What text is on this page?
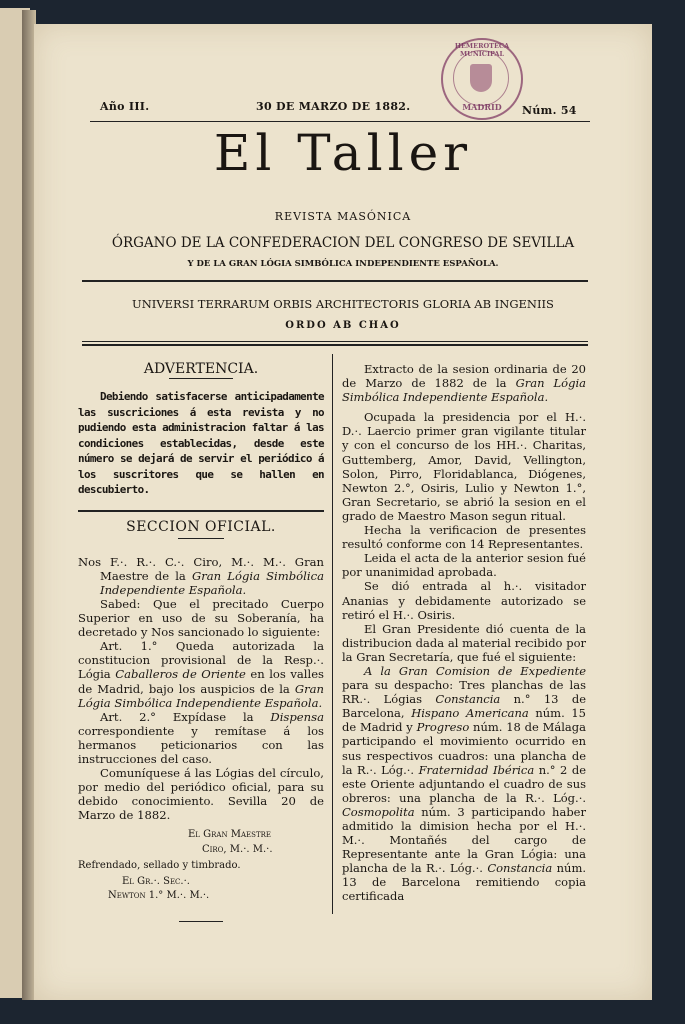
Año III.	30 DE MARZO DE 1882.	Núm. 54
HEMEROTECA MUNICIPAL
MADRID
El Taller
REVISTA MASÓNICA
ÓRGANO DE LA CONFEDERACION DEL CONGRESO DE SEVILLA
Y DE LA GRAN LÓGIA SIMBÓLICA INDEPENDIENTE ESPAÑOLA.
UNIVERSI TERRARUM ORBIS ARCHITECTORIS GLORIA AB INGENIIS
ORDO AB CHAO
ADVERTENCIA.

Debiendo satisfacerse anticipadamente las suscriciones á esta revista y no pudiendo esta administracion faltar á las condiciones establecidas, desde este número se dejará de servir el periódico á los suscritores que se hallen en descubierto.

SECCION OFICIAL.

Nos F.·. R.·. C.·. Ciro, M.·. M.·. Gran Maestre de la Gran Lógia Simbólica Independiente Española.

Sabed: Que el precitado Cuerpo Superior en uso de su Soberanía, ha decretado y Nos sancionado lo siguiente:

Art. 1.° Queda autorizada la constitucion provisional de la Resp.·. Lógia Caballeros de Oriente en los valles de Madrid, bajo los auspicios de la Gran Lógia Simbólica Independiente Española.

Art. 2.° Expídase la Dispensa correspondiente y remítase á los hermanos peticionarios con las instrucciones del caso.

Comuníquese á las Lógias del círculo, por medio del periódico oficial, para su debido conocimiento. Sevilla 20 de Marzo de 1882.

El Gran Maestre
Ciro, M.·. M.·.
Refrendado, sellado y timbrado.
El Gr.·. Sec.·.
Newton 1.° M.·. M.·.

Extracto de la sesion ordinaria de 20 de Marzo de 1882 de la Gran Lógia Simbólica Independiente Española.

Ocupada la presidencia por el H.·. D.·. Laercio primer gran vigilante titular y con el concurso de los HH.·. Charitas, Guttemberg, Amor, David, Vellington, Solon, Pirro, Floridablanca, Diógenes, Newton 2.°, Osiris, Lulio y Newton 1.°, Gran Secretario, se abrió la sesion en el grado de Maestro Mason segun ritual.

Hecha la verificacion de presentes resultó conforme con 14 Representantes.

Leida el acta de la anterior sesion fué por unanimidad aprobada.

Se dió entrada al h.·. visitador Ananias y debidamente autorizado se retiró el H.·. Osiris.

El Gran Presidente dió cuenta de la distribucion dada al material recibido por la Gran Secretaría, que fué el siguiente:

A la Gran Comision de Expediente para su despacho: Tres planchas de las RR.·. Lógias Constancia n.° 13 de Barcelona, Hispano Americana núm. 15 de Madrid y Progreso núm. 18 de Málaga participando el movimiento ocurrido en sus respectivos cuadros: una plancha de la R.·. Lóg.·. Fraternidad Ibérica n.° 2 de este Oriente adjuntando el cuadro de sus obreros: una plancha de la R.·. Lóg.·. Cosmopolita núm. 3 participando haber admitido la dimision hecha por el H.·. M.·. Montañés del cargo de Representante ante la Gran Lógia: una plancha de la R.·. Lóg.·. Constancia núm. 13 de Barcelona remitiendo copia certificada
